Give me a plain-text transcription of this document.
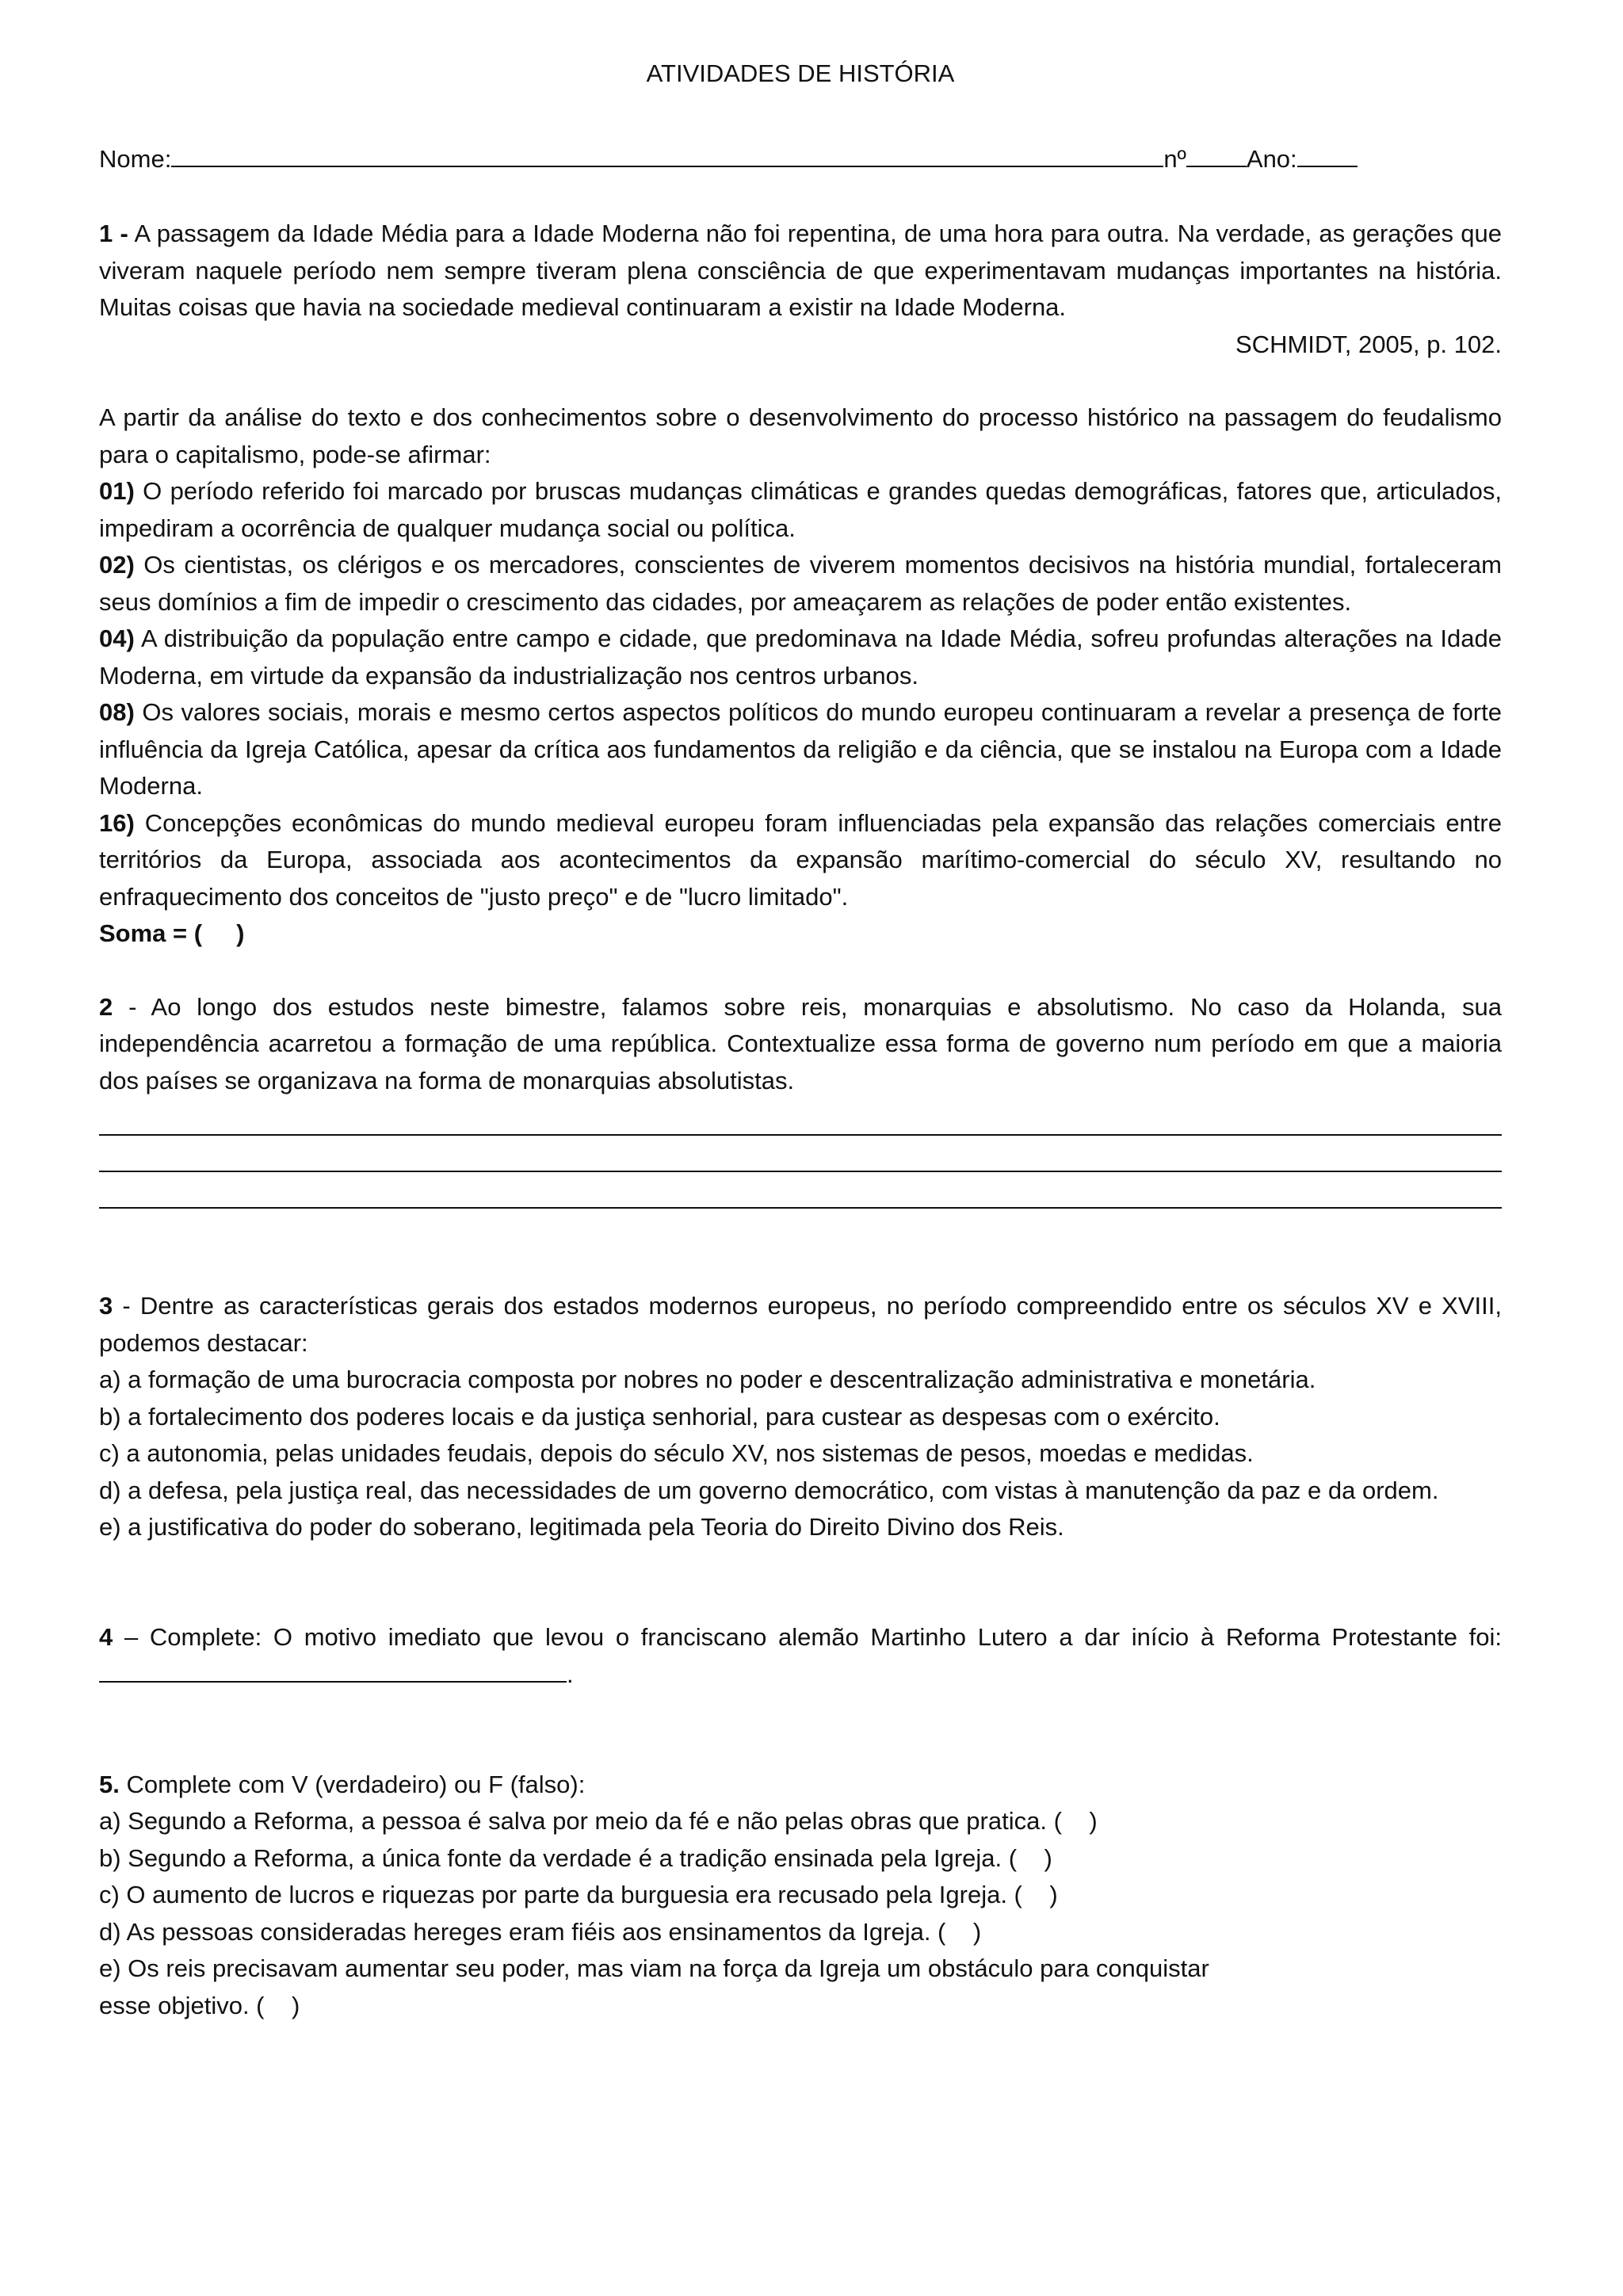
ATIVIDADES DE HISTÓRIA
Nome:	nº Ano:

1 - A passagem da Idade Média para a Idade Moderna não foi repentina, de uma hora para outra. Na verdade, as gerações que viveram naquele período nem sempre tiveram plena consciência de que experimentavam mudanças importantes na história. Muitas coisas que havia na sociedade medieval continuaram a existir na Idade Moderna.

SCHMIDT, 2005, p. 102.

A partir da análise do texto e dos conhecimentos sobre o desenvolvimento do processo histórico na passagem do feudalismo para o capitalismo, pode-se afirmar:

01) O período referido foi marcado por bruscas mudanças climáticas e grandes quedas demográficas, fatores que, articulados, impediram a ocorrência de qualquer mudança social ou política.

02) Os cientistas, os clérigos e os mercadores, conscientes de viverem momentos decisivos na história mundial, fortaleceram seus domínios a fim de impedir o crescimento das cidades, por ameaçarem as relações de poder então existentes.

04) A distribuição da população entre campo e cidade, que predominava na Idade Média, sofreu profundas alterações na Idade Moderna, em virtude da expansão da industrialização nos centros urbanos.

08) Os valores sociais, morais e mesmo certos aspectos políticos do mundo europeu continuaram a revelar a presença de forte influência da Igreja Católica, apesar da crítica aos fundamentos da religião e da ciência, que se instalou na Europa com a Idade Moderna.

16) Concepções econômicas do mundo medieval europeu foram influenciadas pela expansão das relações comerciais entre territórios da Europa, associada aos acontecimentos da expansão marítimo-comercial do século XV, resultando no enfraquecimento dos conceitos de "justo preço" e de "lucro limitado".

Soma = (     )

2 - Ao longo dos estudos neste bimestre, falamos sobre reis, monarquias e absolutismo. No caso da Holanda, sua independência acarretou a formação de uma república. Contextualize essa forma de governo num período em que a maioria dos países se organizava na forma de monarquias absolutistas.

3 - Dentre as características gerais dos estados modernos europeus, no período compreendido entre os séculos XV e XVIII, podemos destacar:

a) a formação de uma burocracia composta por nobres no poder e descentralização administrativa e monetária.

b) a fortalecimento dos poderes locais e da justiça senhorial, para custear as despesas com o exército.

c) a autonomia, pelas unidades feudais, depois do século XV, nos sistemas de pesos, moedas e medidas.

d) a defesa, pela justiça real, das necessidades de um governo democrático, com vistas à manutenção da paz e da ordem.

e) a justificativa do poder do soberano, legitimada pela Teoria do Direito Divino dos Reis.

4 – Complete: O motivo imediato que levou o franciscano alemão Martinho Lutero a dar início à Reforma Protestante foi: .

5. Complete com V (verdadeiro) ou F (falso):

a) Segundo a Reforma, a pessoa é salva por meio da fé e não pelas obras que pratica. (    )

b) Segundo a Reforma, a única fonte da verdade é a tradição ensinada pela Igreja. (    )

c) O aumento de lucros e riquezas por parte da burguesia era recusado pela Igreja. (    )

d) As pessoas consideradas hereges eram fiéis aos ensinamentos da Igreja. (    )

e) Os reis precisavam aumentar seu poder, mas viam na força da Igreja um obstáculo para conquistar

esse objetivo. (    )
